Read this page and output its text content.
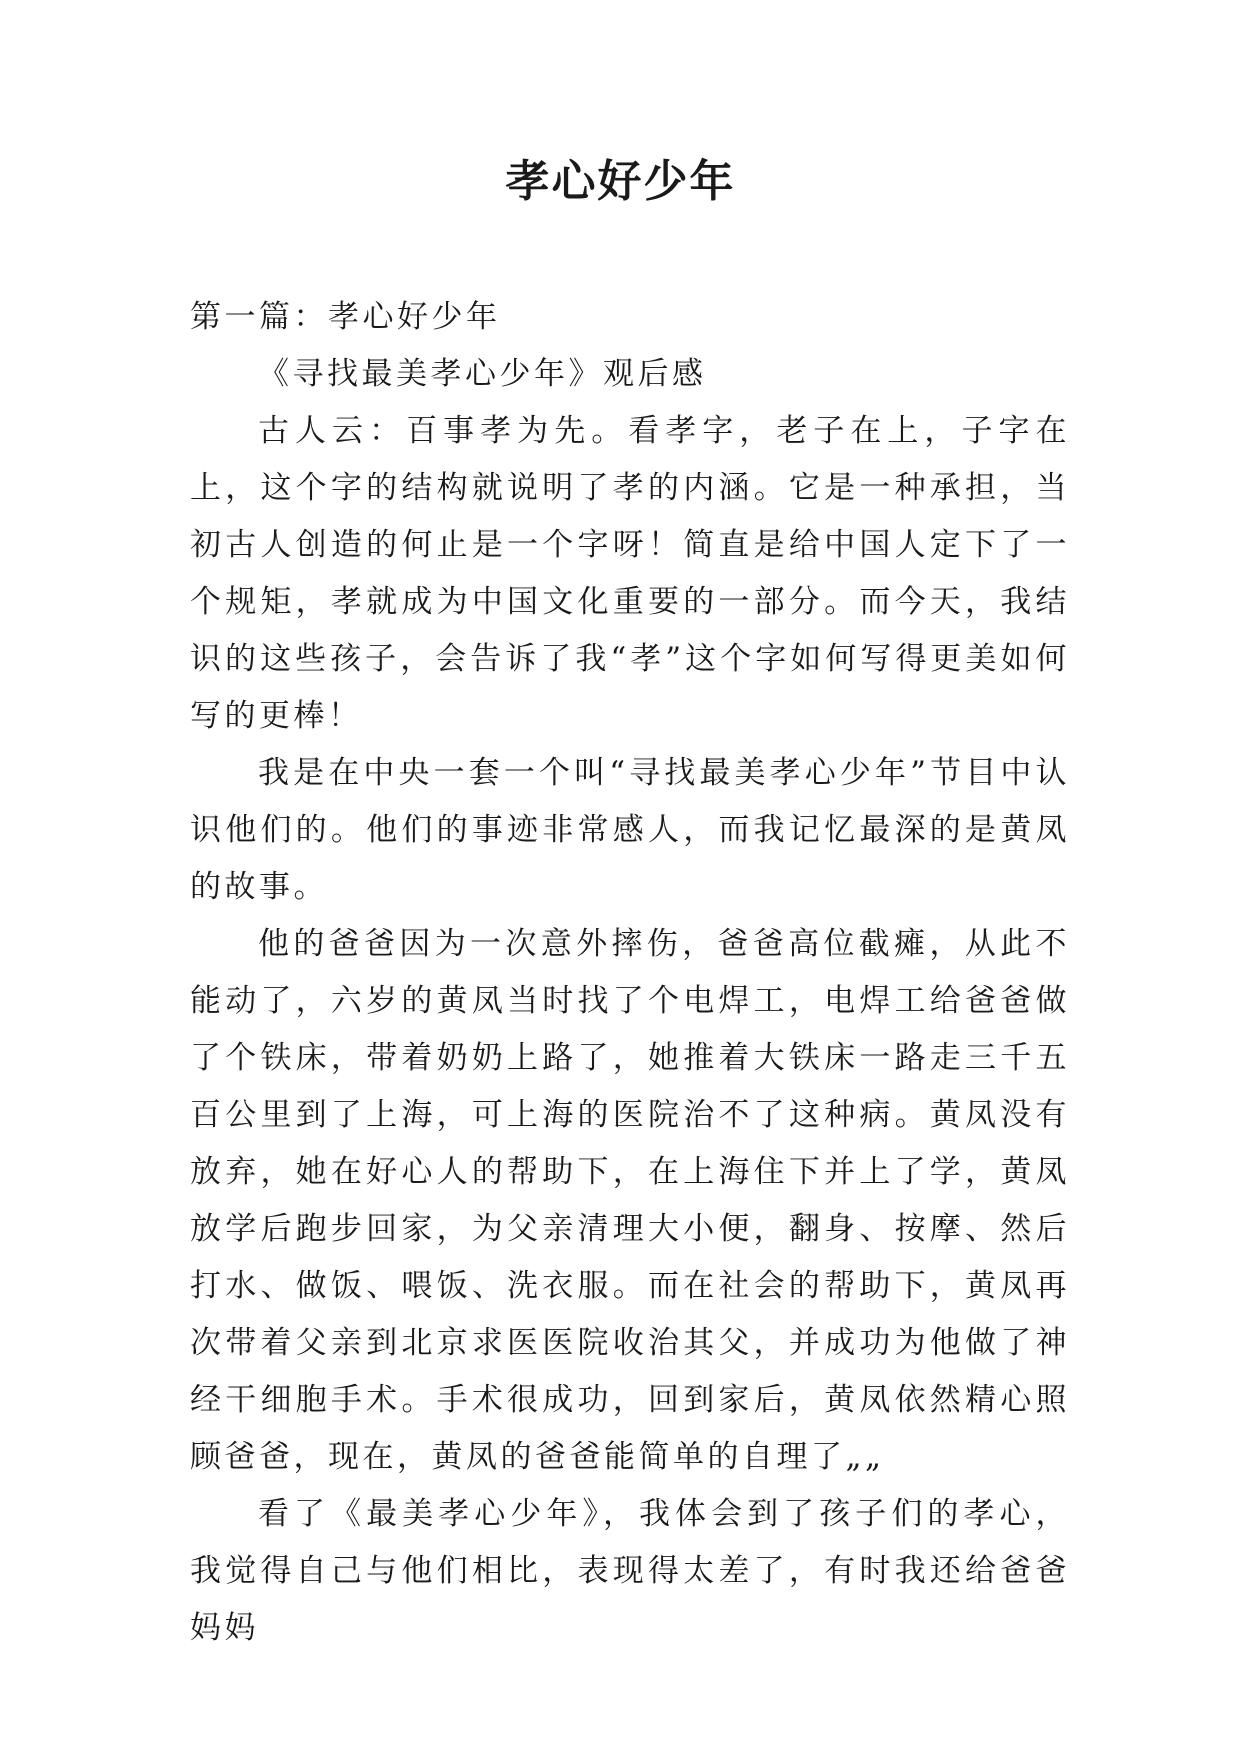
孝心好少年

第一篇：孝心好少年

《寻找最美孝心少年》观后感

古人云：百事孝为先。看孝字，老子在上，子字在上，这个字的结构就说明了孝的内涵。它是一种承担，当初古人创造的何止是一个字呀！简直是给中国人定下了一个规矩，孝就成为中国文化重要的一部分。而今天，我结识的这些孩子，会告诉了我“孝”这个字如何写得更美如何写的更棒！

我是在中央一套一个叫“寻找最美孝心少年”节目中认识他们的。他们的事迹非常感人，而我记忆最深的是黄凤的故事。

他的爸爸因为一次意外摔伤，爸爸高位截瘫，从此不能动了，六岁的黄凤当时找了个电焊工，电焊工给爸爸做了个铁床，带着奶奶上路了，她推着大铁床一路走三千五百公里到了上海，可上海的医院治不了这种病。黄凤没有放弃，她在好心人的帮助下，在上海住下并上了学，黄凤放学后跑步回家，为父亲清理大小便，翻身、按摩、然后打水、做饭、喂饭、洗衣服。而在社会的帮助下，黄凤再次带着父亲到北京求医医院收治其父，并成功为他做了神经干细胞手术。手术很成功，回到家后，黄凤依然精心照顾爸爸，现在，黄凤的爸爸能简单的自理了„„

看了《最美孝心少年》，我体会到了孩子们的孝心，我觉得自己与他们相比，表现得太差了，有时我还给爸爸妈妈
